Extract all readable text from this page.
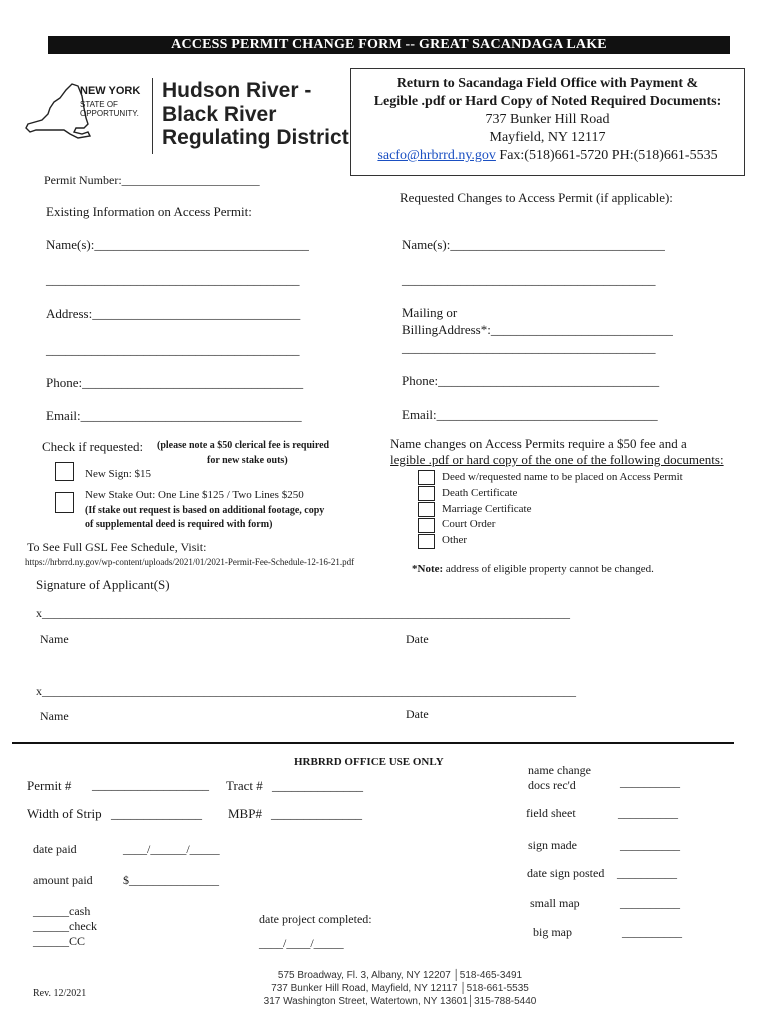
ACCESS PERMIT CHANGE FORM -- GREAT SACANDAGA LAKE
NEW YORK
STATE OF
OPPORTUNITY.
Hudson River -
Black River
Regulating District
Return to Sacandaga Field Office with Payment &
Legible .pdf or Hard Copy of Noted Required Documents:
737 Bunker Hill Road
Mayfield, NY 12117
sacfo@hrbrrd.ny.gov Fax:(518)661-5720 PH:(518)661-5535
Permit Number:_______________________
Existing Information on Access Permit:
Name(s):_________________________________
_______________________________________
Address:________________________________
_______________________________________
Phone:__________________________________
Email:__________________________________
Requested Changes to Access Permit (if applicable):
Name(s):_________________________________
_______________________________________
Mailing or
BillingAddress*:____________________________
_______________________________________
Phone:__________________________________
Email:__________________________________
Check if requested: (please note a $50 clerical fee is required
for new stake outs)
New Sign: $15
New Stake Out: One Line $125 / Two Lines $250
(If stake out request is based on additional footage, copy
of supplemental deed is required with form)
To See Full GSL Fee Schedule, Visit:
https://hrbrrd.ny.gov/wp-content/uploads/2021/01/2021-Permit-Fee-Schedule-12-16-21.pdf
Name changes on Access Permits require a $50 fee and a
legible .pdf or hard copy of the one of the following documents:
Deed w/requested name to be placed on Access Permit
Death Certificate
Marriage Certificate
Court Order
Other
*Note: address of eligible property cannot be changed.
Signature of Applicant(S)
x________________________________________________________________________________________
Name	Date
x_________________________________________________________________________________________
Name	Date
HRBRRD OFFICE USE ONLY
Permit # __________________ Tract # ______________
Width of Strip ______________ MBP# ______________
date paid	____/______/_____
amount paid	$_______________
______cash
______check
______CC
date project completed:
____/____/_____
name change
docs rec'd	__________
field sheet	__________
sign made	__________
date sign posted __________
small map	__________
big map	__________
Rev. 12/2021
575 Broadway, Fl. 3, Albany, NY 12207 │518-465-3491
737 Bunker Hill Road, Mayfield, NY 12117 │518-661-5535
317 Washington Street, Watertown, NY 13601│315-788-5440
